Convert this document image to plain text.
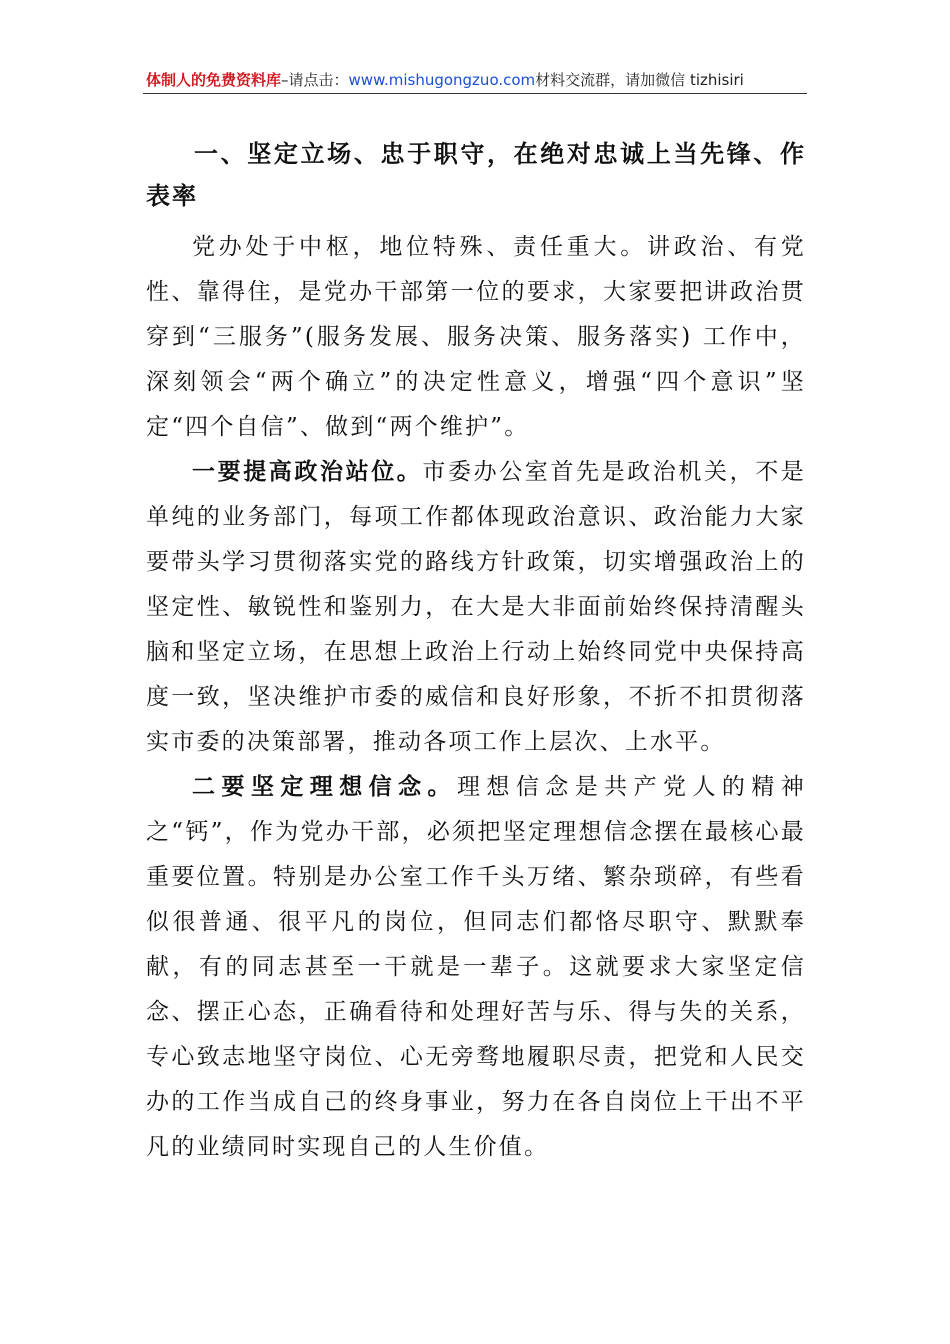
体制人的免费资料库–请点击：www.mishugongzuo.com材料交流群，请加微信 tizhisiri

一、坚定立场、忠于职守，在绝对忠诚上当先锋、作表率

党办处于中枢，地位特殊、责任重大。讲政治、有党性、靠得住，是党办干部第一位的要求，大家要把讲政治贯穿到“三服务”(服务发展、服务决策、服务落实) 工作中，深刻领会“两个确立”的决定性意义，增强“四个意识”坚定“四个自信”、做到“两个维护”。

一要提高政治站位。市委办公室首先是政治机关，不是单纯的业务部门，每项工作都体现政治意识、政治能力大家要带头学习贯彻落实党的路线方针政策，切实增强政治上的坚定性、敏锐性和鉴别力，在大是大非面前始终保持清醒头脑和坚定立场，在思想上政治上行动上始终同党中央保持高度一致，坚决维护市委的威信和良好形象，不折不扣贯彻落实市委的决策部署，推动各项工作上层次、上水平。

二要坚定理想信念。理想信念是共产党人的精神之“钙”，作为党办干部，必须把坚定理想信念摆在最核心最重要位置。特别是办公室工作千头万绪、繁杂琐碎，有些看似很普通、很平凡的岗位，但同志们都恪尽职守、默默奉献，有的同志甚至一干就是一辈子。这就要求大家坚定信念、摆正心态，正确看待和处理好苦与乐、得与失的关系，专心致志地坚守岗位、心无旁骛地履职尽责，把党和人民交办的工作当成自己的终身事业，努力在各自岗位上干出不平凡的业绩同时实现自己的人生价值。
